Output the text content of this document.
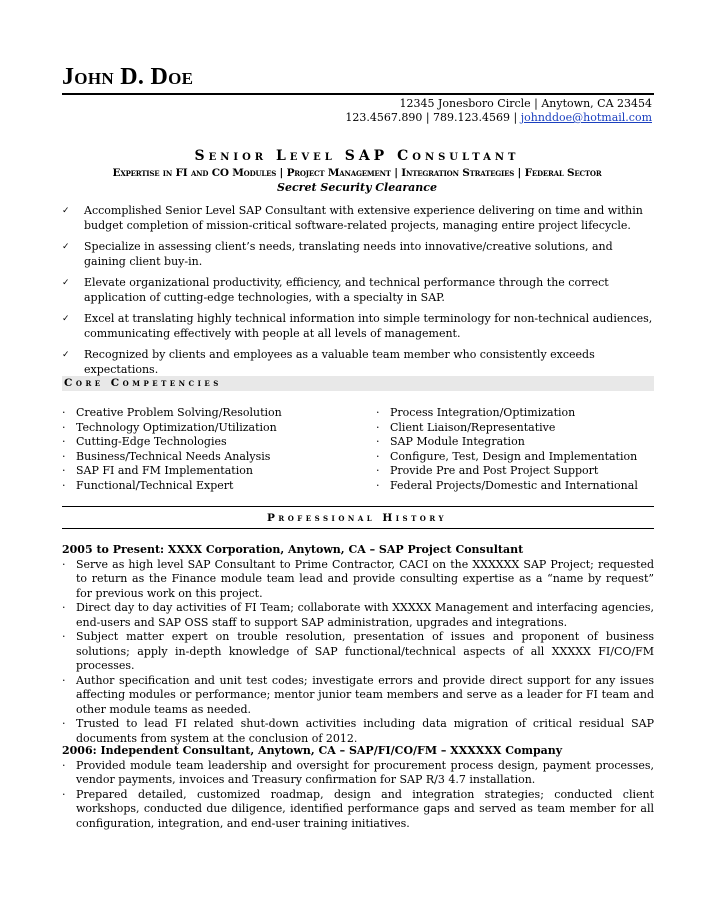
John D. Doe
12345 Jonesboro Circle | Anytown, CA 23454
123.4567.890 | 789.123.4569 | johnddoe@hotmail.com
Senior Level SAP Consultant
Expertise in FI and CO Modules | Project Management | Integration Strategies | Federal Sector
Secret Security Clearance
✓ Accomplished Senior Level SAP Consultant with extensive experience delivering on time and within budget completion of mission-critical software-related projects, managing entire project lifecycle.
✓ Specialize in assessing client’s needs, translating needs into innovative/creative solutions, and gaining client buy-in.
✓ Elevate organizational productivity, efficiency, and technical performance through the correct application of cutting-edge technologies, with a specialty in SAP.
✓ Excel at translating highly technical information into simple terminology for non-technical audiences, communicating effectively with people at all levels of management.
✓ Recognized by clients and employees as a valuable team member who consistently exceeds expectations.
Core Competencies
· Creative Problem Solving/Resolution
· Technology Optimization/Utilization
· Cutting-Edge Technologies
· Business/Technical Needs Analysis
· SAP FI and FM Implementation
· Functional/Technical Expert
· Process Integration/Optimization
· Client Liaison/Representative
· SAP Module Integration
· Configure, Test, Design and Implementation
· Provide Pre and Post Project Support
· Federal Projects/Domestic and International
Professional History
2005 to Present: XXXX Corporation, Anytown, CA – SAP Project Consultant
· Serve as high level SAP Consultant to Prime Contractor, CACI on the XXXXXX SAP Project; requested to return as the Finance module team lead and provide consulting expertise as a “name by request” for previous work on this project.
· Direct day to day activities of FI Team; collaborate with XXXXX Management and interfacing agencies, end-users and SAP OSS staff to support SAP administration, upgrades and integrations.
· Subject matter expert on trouble resolution, presentation of issues and proponent of business solutions; apply in-depth knowledge of SAP functional/technical aspects of all XXXXX FI/CO/FM processes.
· Author specification and unit test codes; investigate errors and provide direct support for any issues affecting modules or performance; mentor junior team members and serve as a leader for FI team and other module teams as needed.
· Trusted to lead FI related shut-down activities including data migration of critical residual SAP documents from system at the conclusion of 2012.
2006: Independent Consultant, Anytown, CA – SAP/FI/CO/FM – XXXXXX Company
· Provided module team leadership and oversight for procurement process design, payment processes, vendor payments, invoices and Treasury confirmation for SAP R/3 4.7 installation.
· Prepared detailed, customized roadmap, design and integration strategies; conducted client workshops, conducted due diligence, identified performance gaps and served as team member for all configuration, integration, and end-user training initiatives.
